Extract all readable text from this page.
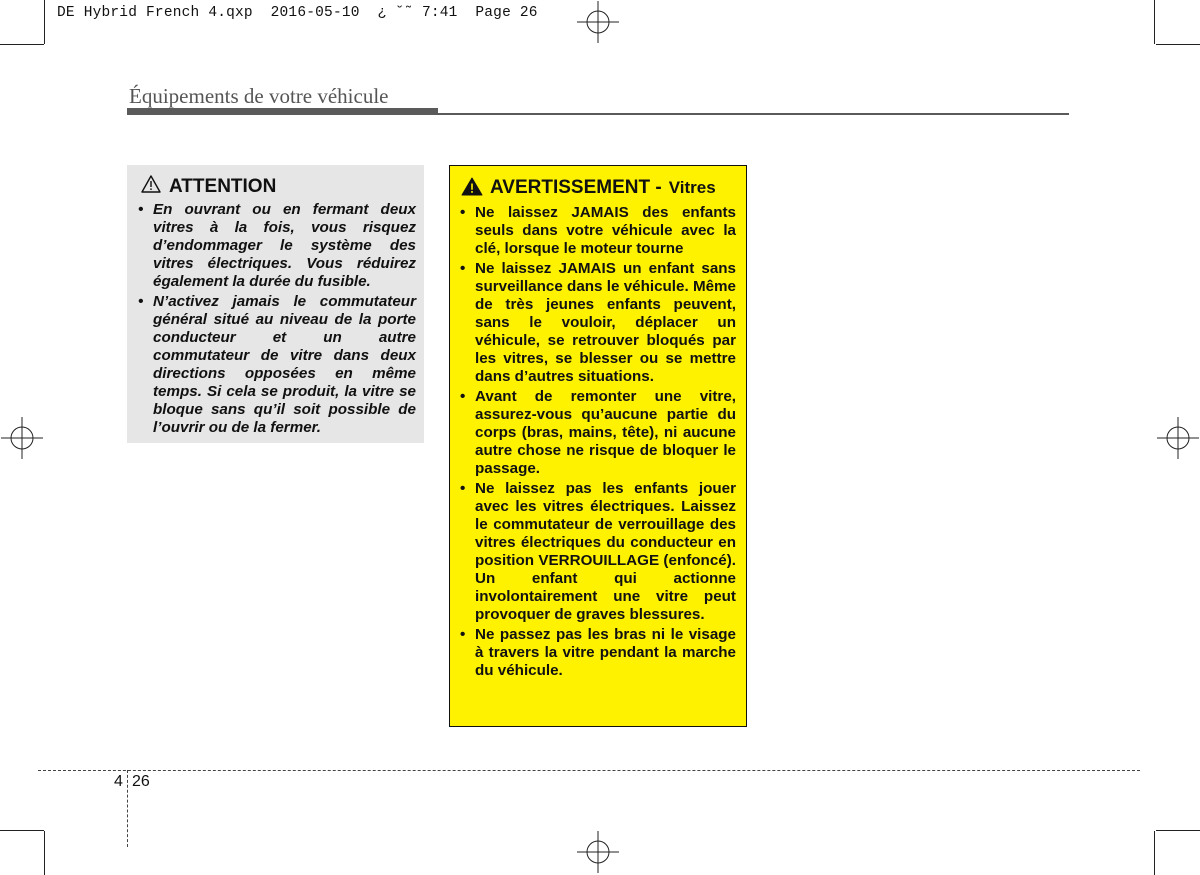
DE Hybrid French 4.qxp  2016-05-10  ¿ ˘˜ 7:41  Page 26
Équipements de votre véhicule
ATTENTION
• En ouvrant ou en fermant deux vitres à la fois, vous risquez d’endommager le système des vitres électriques. Vous réduirez également la durée du fusible.
• N’activez jamais le commutateur général situé au niveau de la porte conducteur et un autre commutateur de vitre dans deux directions opposées en même temps. Si cela se produit, la vitre se bloque sans qu’il soit possible de l’ouvrir ou de la fermer.
AVERTISSEMENT - Vitres
• Ne laissez JAMAIS des enfants seuls dans votre véhicule avec la clé, lorsque le moteur tourne
• Ne laissez JAMAIS un enfant sans surveillance dans le véhicule. Même de très jeunes enfants peuvent, sans le vouloir, déplacer un véhicule, se retrouver bloqués par les vitres, se blesser ou se mettre dans d’autres situations.
• Avant de remonter une vitre, assurez-vous qu’aucune partie du corps (bras, mains, tête), ni aucune autre chose ne risque de bloquer le passage.
• Ne laissez pas les enfants jouer avec les vitres électriques. Laissez le commutateur de verrouillage des vitres électriques du conducteur en position VERROUILLAGE (enfoncé). Un enfant qui actionne involontairement une vitre peut provoquer de graves blessures.
• Ne passez pas les bras ni le visage à travers la vitre pendant la marche du véhicule.
4 26
